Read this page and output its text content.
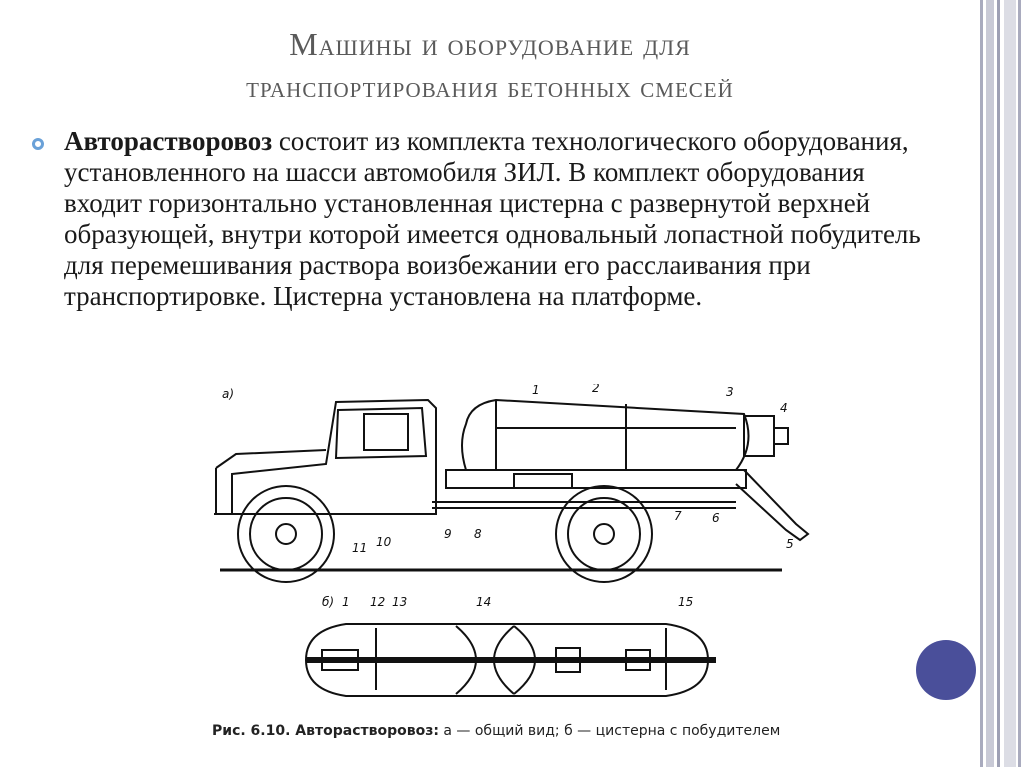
Машины и оборудование для
транспортирования бетонных смесей
Авторастворовоз состоит из комплекта технологического оборудования, установленного на шасси автомобиля ЗИЛ. В комплект оборудования входит горизонтально установленная цистерна с развернутой верхней образующей, внутри которой имеется одновальный лопастной побудитель для перемешивания раствора воизбежании его расслаивания при транспортировке. Цистерна установлена на платформе.
а)
б)
1	2	3
4
5
6
7
8
9
10
11
1 12 13	14	15
Рис. 6.10. Авторастворовоз: а — общий вид; б — цистерна с побудителем
